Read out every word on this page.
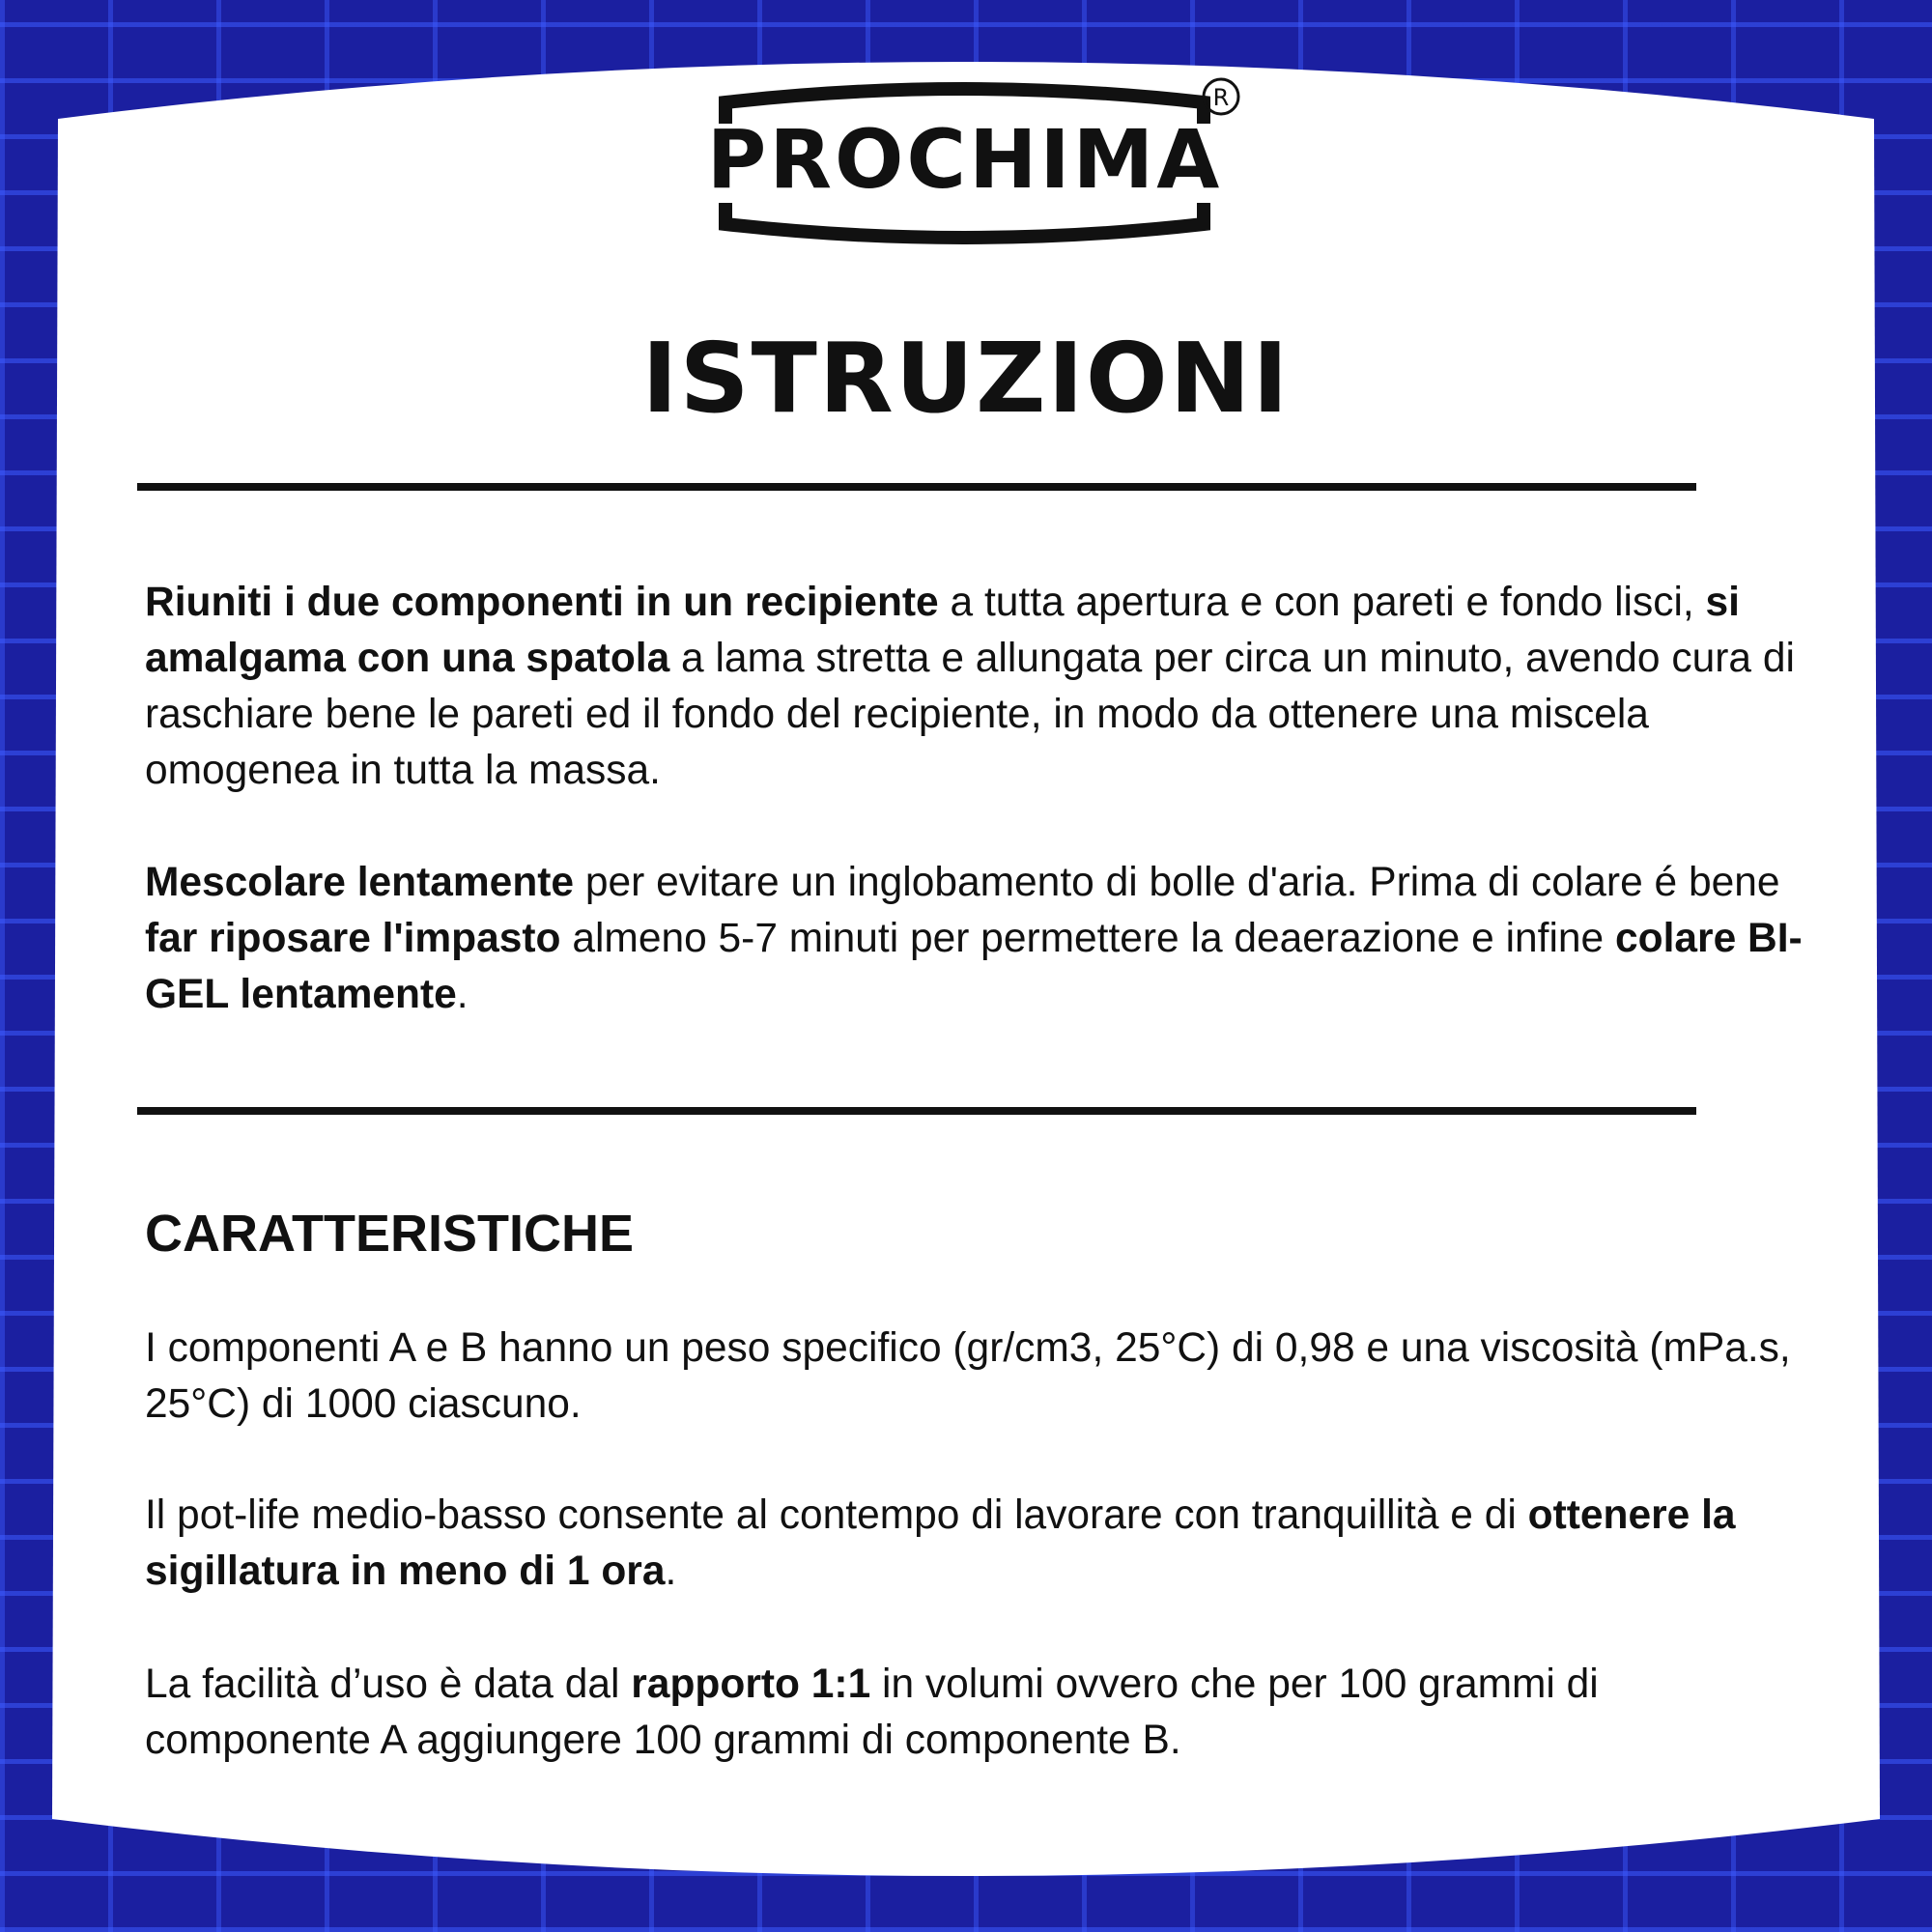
R
PROCHIMA
ISTRUZIONI
Riuniti i due componenti in un recipiente a tutta apertura e con pareti e fondo lisci, si amalgama con una spatola a lama stretta e allungata per circa un minuto, avendo cura di raschiare bene le pareti ed il fondo del recipiente, in modo da ottenere una miscela omogenea in tutta la massa.
Mescolare lentamente per evitare un inglobamento di bolle d'aria. Prima di colare é bene far riposare l'impasto almeno 5-7 minuti per permettere la deaerazione e infine colare BI-GEL lentamente.
CARATTERISTICHE
I componenti A e B hanno un peso specifico (gr/cm3, 25°C) di 0,98 e una viscosità (mPa.s, 25°C) di 1000 ciascuno.
Il pot-life medio-basso consente al contempo di lavorare con tranquillità e di ottenere la sigillatura in meno di 1 ora.
La facilità d’uso è data dal rapporto 1:1 in volumi ovvero che per 100 grammi di componente A aggiungere 100 grammi di componente B.
